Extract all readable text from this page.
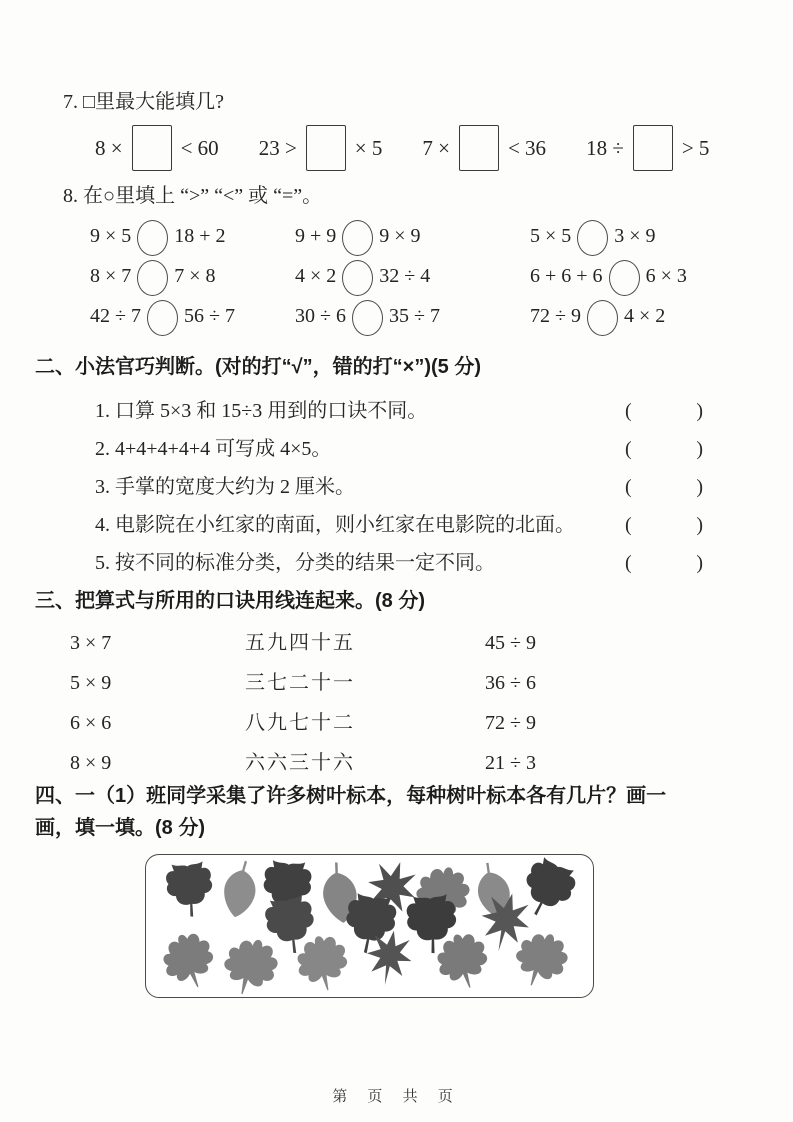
7. □里最大能填几?
8 ×	< 60 23 >	× 5 7 ×	< 36 18 ÷	> 5
8. 在○里填上 “>” “<” 或 “=”。
9 × 5 18 + 2	9 + 9 9 × 9	5 × 5 3 × 9
8 × 7 7 × 8	4 × 2 32 ÷ 4	6 + 6 + 6 6 × 3
42 ÷ 7 56 ÷ 7	30 ÷ 6 35 ÷ 7	72 ÷ 9 4 × 2
二、小法官巧判断。(对的打“√”，错的打“×”)(5 分)
1. 口算 5×3 和 15÷3 用到的口诀不同。	(	)
2. 4+4+4+4+4 可写成 4×5。	(	)
3. 手掌的宽度大约为 2 厘米。	(	)
4. 电影院在小红家的南面，则小红家在电影院的北面。	(	)
5. 按不同的标准分类，分类的结果一定不同。	(	)
三、把算式与所用的口诀用线连起来。(8 分)
3 × 7	五九四十五	45 ÷ 9
5 × 9	三七二十一	36 ÷ 6
6 × 6	八九七十二	72 ÷ 9
8 × 9	六六三十六	21 ÷ 3
四、一（1）班同学采集了许多树叶标本，每种树叶标本各有几片？画一
画，填一填。(8 分)
第 页 共 页
